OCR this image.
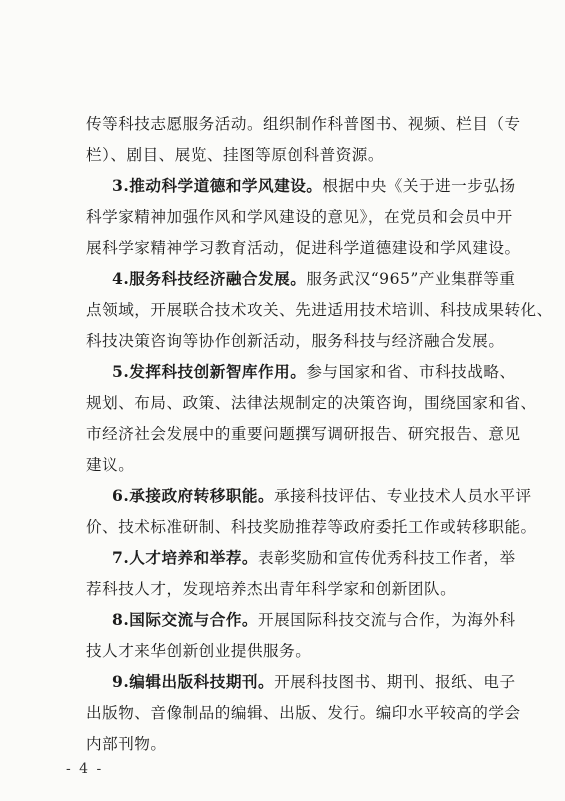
传等科技志愿服务活动。组织制作科普图书、视频、栏目（专
栏）、剧目、展览、挂图等原创科普资源。
3.推动科学道德和学风建设。根据中央《关于进一步弘扬
科学家精神加强作风和学风建设的意见》，在党员和会员中开
展科学家精神学习教育活动，促进科学道德建设和学风建设。
4.服务科技经济融合发展。服务武汉“965”产业集群等重
点领域，开展联合技术攻关、先进适用技术培训、科技成果转化、
科技决策咨询等协作创新活动，服务科技与经济融合发展。
5.发挥科技创新智库作用。参与国家和省、市科技战略、
规划、布局、政策、法律法规制定的决策咨询，围绕国家和省、
市经济社会发展中的重要问题撰写调研报告、研究报告、意见
建议。
6.承接政府转移职能。承接科技评估、专业技术人员水平评
价、技术标准研制、科技奖励推荐等政府委托工作或转移职能。
7.人才培养和举荐。表彰奖励和宣传优秀科技工作者，举
荐科技人才，发现培养杰出青年科学家和创新团队。
8.国际交流与合作。开展国际科技交流与合作，为海外科
技人才来华创新创业提供服务。
9.编辑出版科技期刊。开展科技图书、期刊、报纸、电子
出版物、音像制品的编辑、出版、发行。编印水平较高的学会
内部刊物。
- 4 -
